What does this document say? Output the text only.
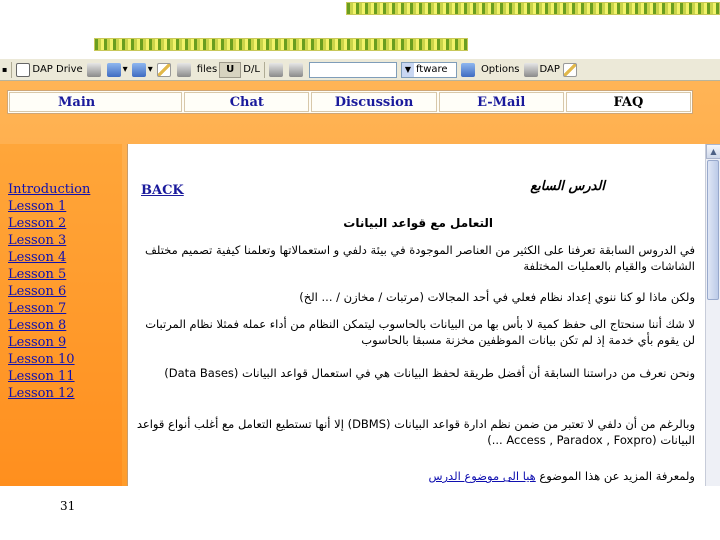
▪	DAP Drive	▾	▾	files U D/L	▼ ftware	Options DAP
Main	Chat	Discussion	E-Mail	FAQ
Introduction
Lesson 1
Lesson 2
Lesson 3
Lesson 4
Lesson 5
Lesson 6
Lesson 7
Lesson 8
Lesson 9
Lesson 10
Lesson 11
Lesson 12
BACK	الدرس السابع
التعامل مع قواعد البيانات
في الدروس السابقة تعرفنا على الكثير من العناصر الموجودة في بيئة دلفي و استعمالاتها وتعلمنا كيفية تصميم مختلف الشاشات والقيام بالعمليات المختلفة
ولكن ماذا لو كنا ننوي إعداد نظام فعلي في أحد المجالات (مرتبات / مخازن / ... الخ)
لا شك أننا سنحتاج الى حفظ كمية لا بأس بها من البيانات بالحاسوب ليتمكن النظام من أداء عمله فمثلا نظام المرتبات لن يقوم بأي خدمة إذ لم تكن بيانات الموظفين مخزنة مسبقا بالحاسوب
ونحن نعرف من دراستنا السابقة أن أفضل طريقة لحفظ البيانات هي في استعمال قواعد البيانات (Data Bases)
وبالرغم من أن دلفي لا تعتبر من ضمن نظم ادارة قواعد البيانات (DBMS) إلا أنها تستطيع التعامل مع أغلب أنواع قواعد البيانات (Access , Paradox , Foxpro ...)
ولمعرفة المزيد عن هذا الموضوع هيا الى موضوع الدرس
▲
31
